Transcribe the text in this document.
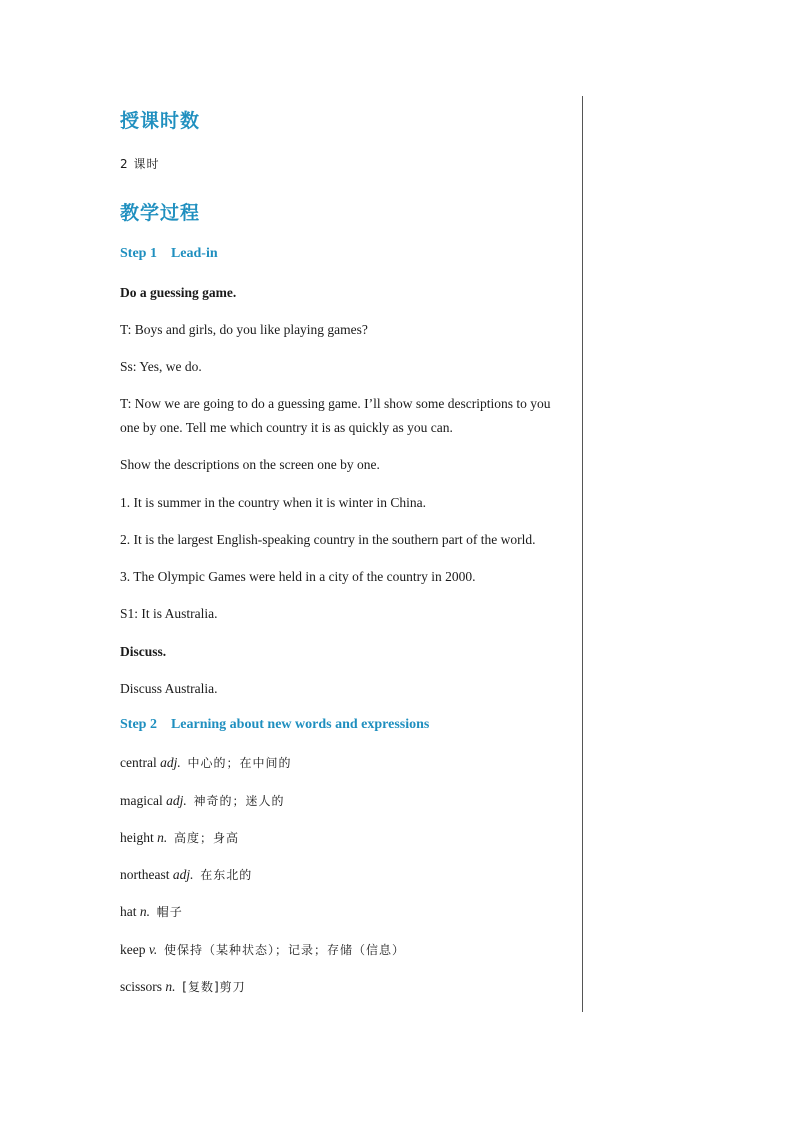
授课时数

2 课时

教学过程

Step 1 Lead-in

Do a guessing game.

T: Boys and girls, do you like playing games?

Ss: Yes, we do.

T: Now we are going to do a guessing game. I’ll show some descriptions to you

one by one. Tell me which country it is as quickly as you can.

Show the descriptions on the screen one by one.

1. It is summer in the country when it is winter in China.

2. It is the largest English-speaking country in the southern part of the world.

3. The Olympic Games were held in a city of the country in 2000.

S1: It is Australia.

Discuss.

Discuss Australia.

Step 2 Learning about new words and expressions

central adj. 中心的；在中间的

magical adj. 神奇的；迷人的

height n. 高度；身高

northeast adj. 在东北的

hat n. 帽子

keep v. 使保持（某种状态）；记录；存储（信息）

scissors n. [复数]剪刀
